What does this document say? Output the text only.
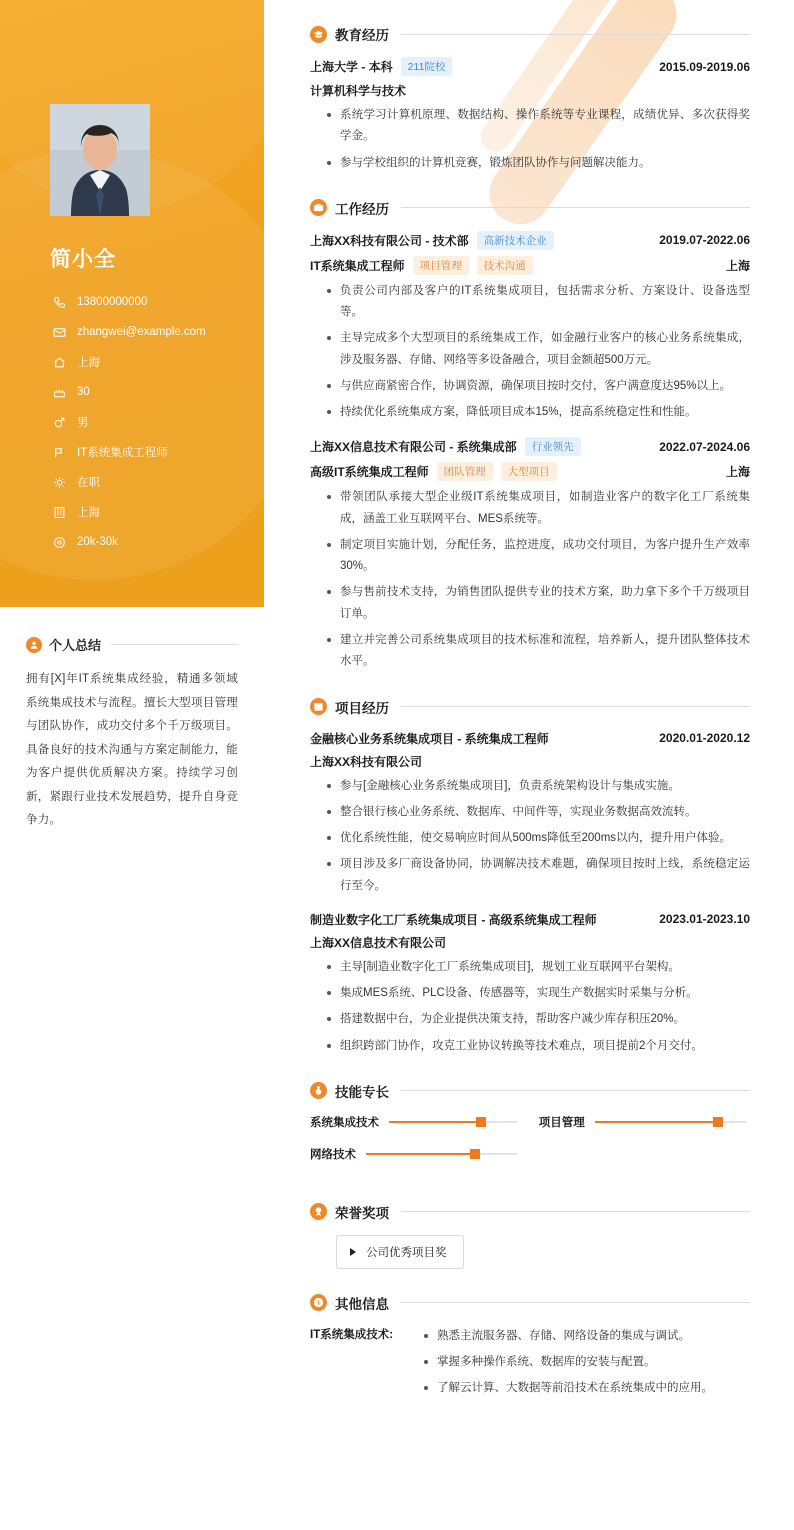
简小全
13800000000
zhangwei@example.com
上海
30
男
IT系统集成工程师
在职
上海
20k-30k
个人总结
拥有[X]年IT系统集成经验，精通多领域系统集成技术与流程。擅长大型项目管理与团队协作，成功交付多个千万级项目。具备良好的技术沟通与方案定制能力，能为客户提供优质解决方案。持续学习创新，紧跟行业技术发展趋势，提升自身竞争力。
教育经历
上海大学 - 本科	211院校	2015.09-2019.06
计算机科学与技术
系统学习计算机原理、数据结构、操作系统等专业课程，成绩优异、多次获得奖学金。
参与学校组织的计算机竞赛，锻炼团队协作与问题解决能力。
工作经历
上海XX科技有限公司 - 技术部	高新技术企业	2019.07-2022.06
IT系统集成工程师	项目管理	技术沟通	上海
负责公司内部及客户的IT系统集成项目，包括需求分析、方案设计、设备选型等。
主导完成多个大型项目的系统集成工作，如金融行业客户的核心业务系统集成，涉及服务器、存储、网络等多设备融合，项目金额超500万元。
与供应商紧密合作，协调资源，确保项目按时交付，客户满意度达95%以上。
持续优化系统集成方案，降低项目成本15%，提高系统稳定性和性能。
上海XX信息技术有限公司 - 系统集成部	行业领先	2022.07-2024.06
高级IT系统集成工程师	团队管理	大型项目	上海
带领团队承接大型企业级IT系统集成项目，如制造业客户的数字化工厂系统集成，涵盖工业互联网平台、MES系统等。
制定项目实施计划，分配任务，监控进度，成功交付项目，为客户提升生产效率30%。
参与售前技术支持，为销售团队提供专业的技术方案，助力拿下多个千万级项目订单。
建立并完善公司系统集成项目的技术标准和流程，培养新人，提升团队整体技术水平。
项目经历
金融核心业务系统集成项目 - 系统集成工程师	2020.01-2020.12
上海XX科技有限公司
参与[金融核心业务系统集成项目]，负责系统架构设计与集成实施。
整合银行核心业务系统、数据库、中间件等，实现业务数据高效流转。
优化系统性能，使交易响应时间从500ms降低至200ms以内，提升用户体验。
项目涉及多厂商设备协同，协调解决技术难题，确保项目按时上线，系统稳定运行至今。
制造业数字化工厂系统集成项目 - 高级系统集成工程师	2023.01-2023.10
上海XX信息技术有限公司
主导[制造业数字化工厂系统集成项目]，规划工业互联网平台架构。
集成MES系统、PLC设备、传感器等，实现生产数据实时采集与分析。
搭建数据中台，为企业提供决策支持，帮助客户减少库存积压20%。
组织跨部门协作，攻克工业协议转换等技术难点，项目提前2个月交付。
技能专长
系统集成技术	项目管理
网络技术
荣誉奖项
公司优秀项目奖
其他信息
IT系统集成技术:	熟悉主流服务器、存储、网络设备的集成与调试。
掌握多种操作系统、数据库的安装与配置。
了解云计算、大数据等前沿技术在系统集成中的应用。
